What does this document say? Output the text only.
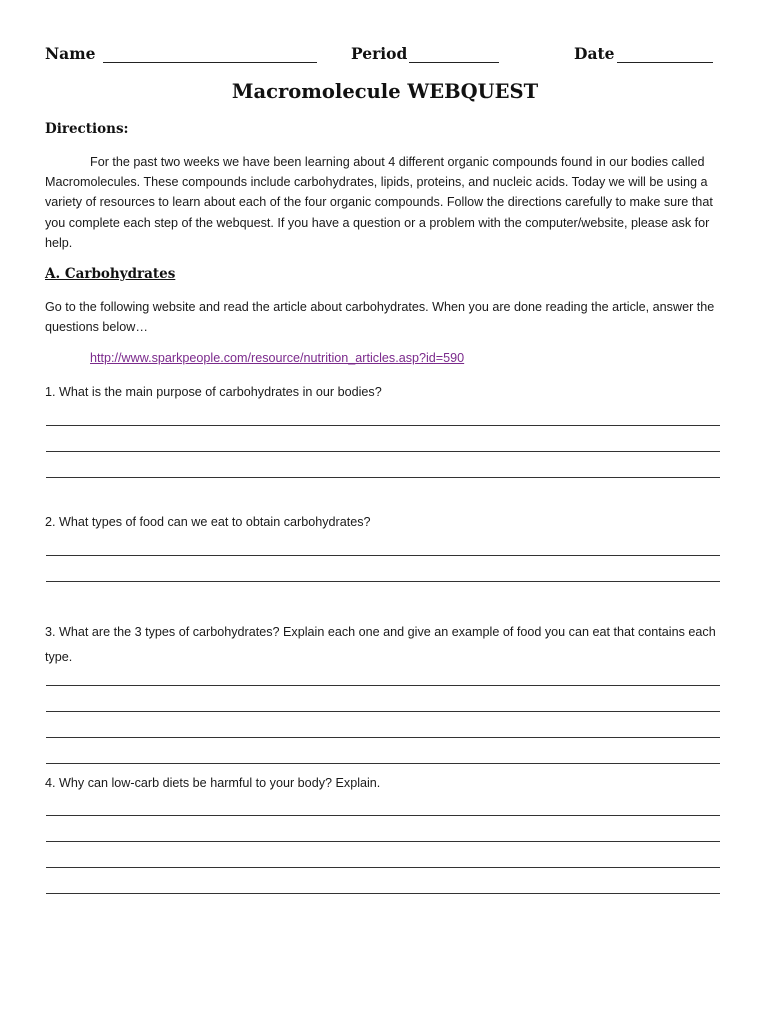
Name	Period	Date
Macromolecule WEBQUEST
Directions:
For the past two weeks we have been learning about 4 different organic compounds found in our bodies called Macromolecules. These compounds include carbohydrates, lipids, proteins, and nucleic acids. Today we will be using a variety of resources to learn about each of the four organic compounds. Follow the directions carefully to make sure that you complete each step of the webquest. If you have a question or a problem with the computer/website, please ask for help.
A. Carbohydrates
Go to the following website and read the article about carbohydrates. When you are done reading the article, answer the questions below…
http://www.sparkpeople.com/resource/nutrition_articles.asp?id=590
1. What is the main purpose of carbohydrates in our bodies?
2. What types of food can we eat to obtain carbohydrates?
3. What are the 3 types of carbohydrates? Explain each one and give an example of food you can eat that contains each type.
4. Why can low-carb diets be harmful to your body? Explain.
